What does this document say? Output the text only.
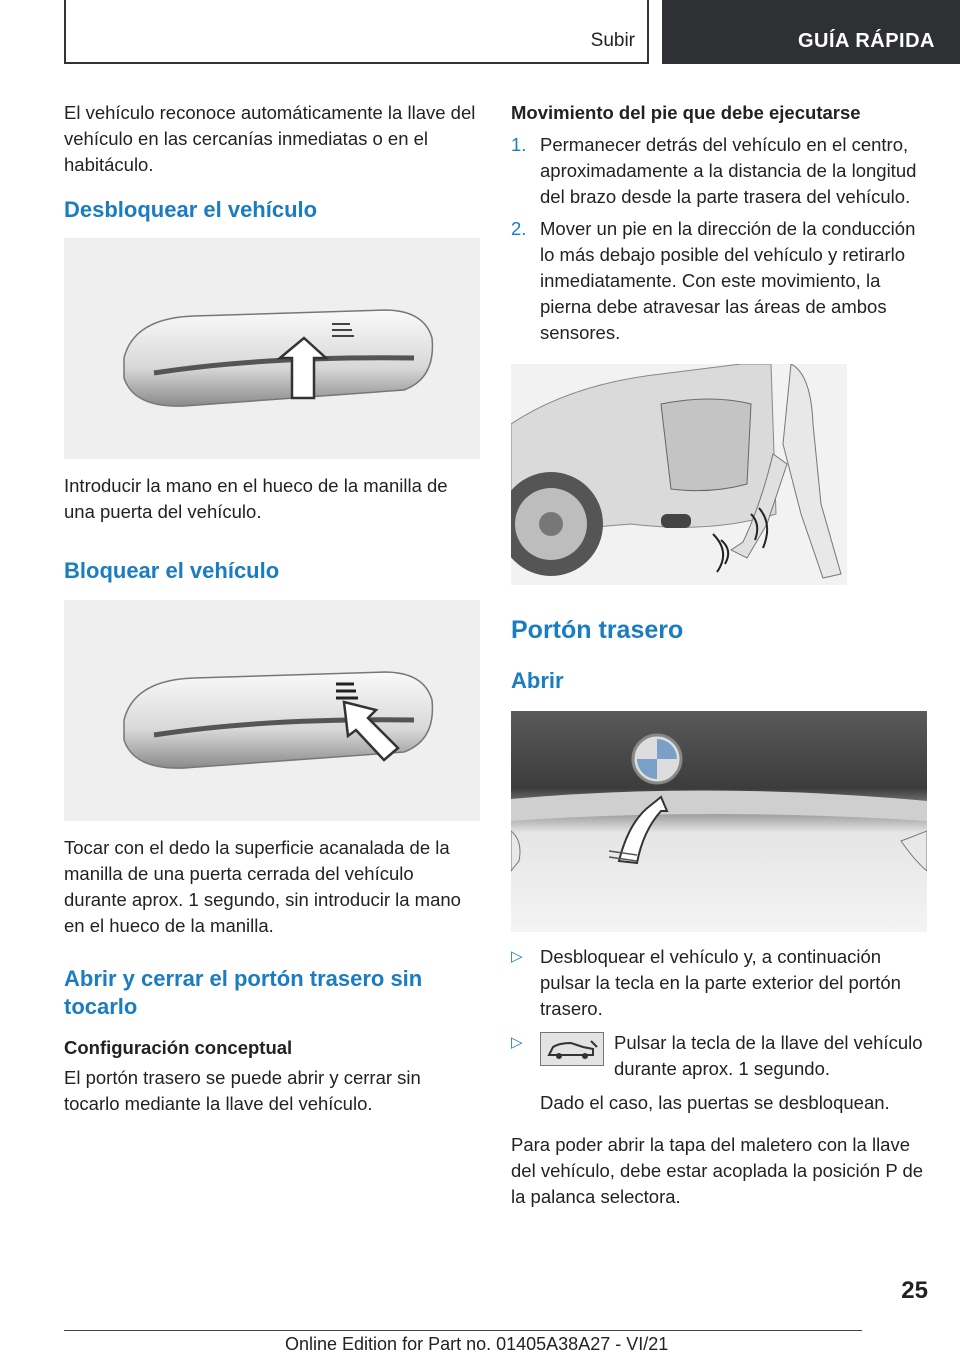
Subir	GUÍA RÁPIDA

El vehículo reconoce automáticamente la llave del vehículo en las cercanías inmediatas o en el habitáculo.

Desbloquear el vehículo

Introducir la mano en el hueco de la manilla de una puerta del vehículo.

Bloquear el vehículo

Tocar con el dedo la superficie acanalada de la manilla de una puerta cerrada del vehículo durante aprox. 1 segundo, sin introducir la mano en el hueco de la manilla.

Abrir y cerrar el portón trasero sin tocarlo

Configuración conceptual

El portón trasero se puede abrir y cerrar sin tocarlo mediante la llave del vehículo.

Movimiento del pie que debe ejecutarse

1. Permanecer detrás del vehículo en el centro, aproximadamente a la distancia de la longitud del brazo desde la parte trasera del vehículo.
2. Mover un pie en la dirección de la conducción lo más debajo posible del vehículo y retirarlo inmediatamente. Con este movimiento, la pierna debe atravesar las áreas de ambos sensores.
Portón trasero
Abrir
▷ Desbloquear el vehículo y, a continuación pulsar la tecla en la parte exterior del portón trasero.
▷	Pulsar la tecla de la llave del vehículo durante aprox. 1 segundo.

Dado el caso, las puertas se desbloquean.

Para poder abrir la tapa del maletero con la llave del vehículo, debe estar acoplada la posición P de la palanca selectora.

25
Online Edition for Part no. 01405A38A27 - VI/21
